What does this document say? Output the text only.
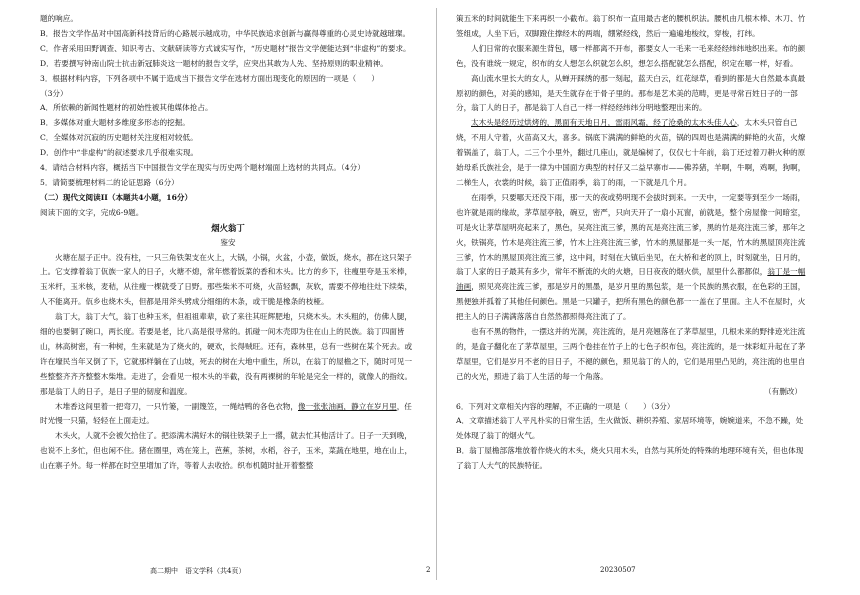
题的响应。

B．报告文学作品对中国高新科技背后的心路展示越成功，中华民族追求创新与赢得尊重的心灵史诗就越璀璨。

C．作者采用田野调查、知识考古、文献研读等方式诚实写作，“历史题材”报告文学便能达到“非虚构”的要求。

D．若要撰写钟南山院士抗击新冠肺炎这一题材的报告文学，应突出其敢为人先、坚持原则的职业精神。

3．根据材料内容，下列各项中不属于造成当下报告文学在选材方面出现变化的原因的一项是（　　）

（3分）

A．所依赖的新闻性题材的初始性被其他媒体抢占。

B．多媒体对重大题材多维度多形态的挖掘。

C．全媒体对沉寂的历史题材关注度相对较低。

D．创作中“非虚构”的叙述要求几乎很难实现。

4．请结合材料内容，概括当下中国报告文学在现实与历史两个题材端面上选材的共同点。（4分）

5．请简要梳理材料二的论证思路（6分）

（二）现代文阅读II（本题共4小题，16分）

阅读下面的文字，完成6-9题。

烟火翁丁

鉴安

火塘在屋子正中。没有柱，一只三角铁架支在火上，大锅，小锅，火盆，小壶，做饭，烧水，都在这只架子上。它支撑着翁丁佤族一家人的日子，火塘不熄，常年燃着饭菜的香和木头。比方的乡下，往瘦里夸是玉米棒，玉米杆，玉米核，麦秸，从往瘦一棵就受了日野。那些柴米不可烧，火苗轻飘，灰软，需要不停地往灶下续柴，人不能离开。佤乡也烧木头，但都是用斧头劈成分细细的木条，或干脆是橡条的枝桠。

翁丁大，翁丁大气，翁丁也种玉米，但祖祖辈辈，砍了来往其旺辉肥地，只烧木头。木头粗的，仿佛人腿，细的也要铜了碗口，两长度。若要是老，比八高是很寻常的。抓碰一间木壳即为住在山上的民族。翁丁四面皆山，林高树密，有一种树，生来就是为了烧火的，硬欢，长得贼旺。还有，森林里，总有一些树在某个死去。或许在壕民当年又倒了下，它就那样躺在了山坡，死去的树在大地中重生，所以，在翁丁的屋檐之下，随时可见一些整整齐齐齐整整木柴堆。走进了，会看见一根木头的半截，没有两裸树的年轮是完全一样的，就像人的指纹。那是翁丁人的日子，是日子里的韧度和温度。

木堆香这间里着一把弯刀，一只竹篓，一副篾笠，一绳结鸭的各色衣物，像一张张油画，静立在岁月里，任时光慢一只猫，轻轻在上面走过。

木头火，人就不会被欠拾住了。把添满木满好木的锅往铁架子上一撂，就去忙其他活计了。日子一天到晚，也说不上多忙，但也闲不住。猪在圈里，鸡在笼上，芭蕉，茶树，水稻，谷子，玉米，菜蔬在地里，地在山上，山在寨子外。每一样都在时空里增加了许，等着人去收拾。织布机随时扯开着整整

策五米的时间就能生下来再织一小截布。翁丁织布一直用最古老的腰机织法。腰机由几根木棒、木刀、竹签组成，人坐下后，双脚蹬住撑经木的两端，绷紧经线，然后一遍遍地梭纹，穿梭，打纬。

人们日常的衣服来源生背包，哪一样都离不开布，都要女人一毛来一毛来经经纬纬地织出来。布的颜色，没有谁统一规定，织布的女人想怎么织就怎么织，想怎么搭配就怎么搭配，织定在哪一样，好看。

高山流水里长大的女人，从蝉开踩绣的那一刻起，蓝天白云，红花绿草，看到的都是大自然最本真最原初的颜色，对美的感知，是天生就存在于骨子里的。那布是艺术美的范畴，更是寻常百姓日子的一部分，翁丁人的日子，都是翁丁人自己一样一样经经纬纬分明地整理出来的。

太木头是经历过烘烤的，黑面有天地日月，雷雨风霜，经了沧桑的太木头佳人心，太木头只管自己烧，不用人守着，火苗高又大，喜多。锅底下满满的鲜艳的火苗，锅的四周也是满满的鲜艳的火苗，火燎着锅盖了，翁丁人，二三个小里外，翻过几座山，就是编树了，仅仅七十年前，翁丁还过着刀耕火种的原始母系氏族社会，是于一律为中国面方典型的村仔又二益早寨市——佛养猪，羊啊，牛啊，鸡啊，狗啊，二梯生人，衣裳的时候，翁丁正值雨季，翁丁的雨，一下就是几个月。

在雨季，只要哪天还没下雨，那一天的夜或势明现不会拔时到来。一天中，一定要等到至少一场雨，也许就是雨的缘故，茅草屋亭般，碗豆，密严，只向天开了一扇小瓦窗，前就是，整个房屋像一间暗室，可是火让茅草屋明亮起来了，黑色，吴亮注流三爹，黑的瓦是亮注流三爹，黑的竹是亮注流三爹，那年之火，铁锅亮，竹木是亮注流三爹，竹木上注亮注流三爹，竹木的黑屋都是一头一尾，竹木的黑屋顶亮注流三爹，竹木的黑屋顶亮注流三爹，这中间，时刻在大镇后坐见，在大桥和老的顶上，时刻就坐，日月的，翁丁人家的日子最其有多少，常年不断流的火的火塘，日日夜夜的烟火供，屋里什么都都似，翁丁是一幅油画，照见亮亮注流三爹，那是岁月的黑墨，是岁月里的黑包浆，是一个民族的黑衣服，在色彩的王国，黑便独并孤着了其他任何颜色。黑是一只罐子，把所有黑色的颜色都一一盖在了里面。主人不在屋时，火把主人的日子满满落落自自然然都照得亮注流了了。

也有不黑的物件，一摆这并的光洞，亮注流的，是月亮翘落在了茅草屋里，几根未来的野排迹光注流的，是盒子翻化在了茅草屋里，三两个卷挂在竹子上的七色子织布包，亮注流的，是一抹彩虹升起在了茅草屋里，它们是岁月不老的目日子，不褪的颜色，照见翁丁的人的，它们是用里凸见的，亮注流的也里自己的火光，照进了翁丁人生活的每一个角落。

（有删改）

6．下列对文章相关内容的理解，不正确的一项是（　　）（3分）

A．文章描述翁丁人平凡朴实的日常生活，生火做饭、耕织养殖、家居环境等，婉婉道来，不急不躁，处处体现了翁丁的烟火气。

B．翁丁屋檐部落堆放着作烧火的木头，烧火只用木头，自然与其所处的特殊的地理环境有关，但也体现了翁丁人大气的民族特征。

高二期中　语文学科（共4页）	2	20230507
